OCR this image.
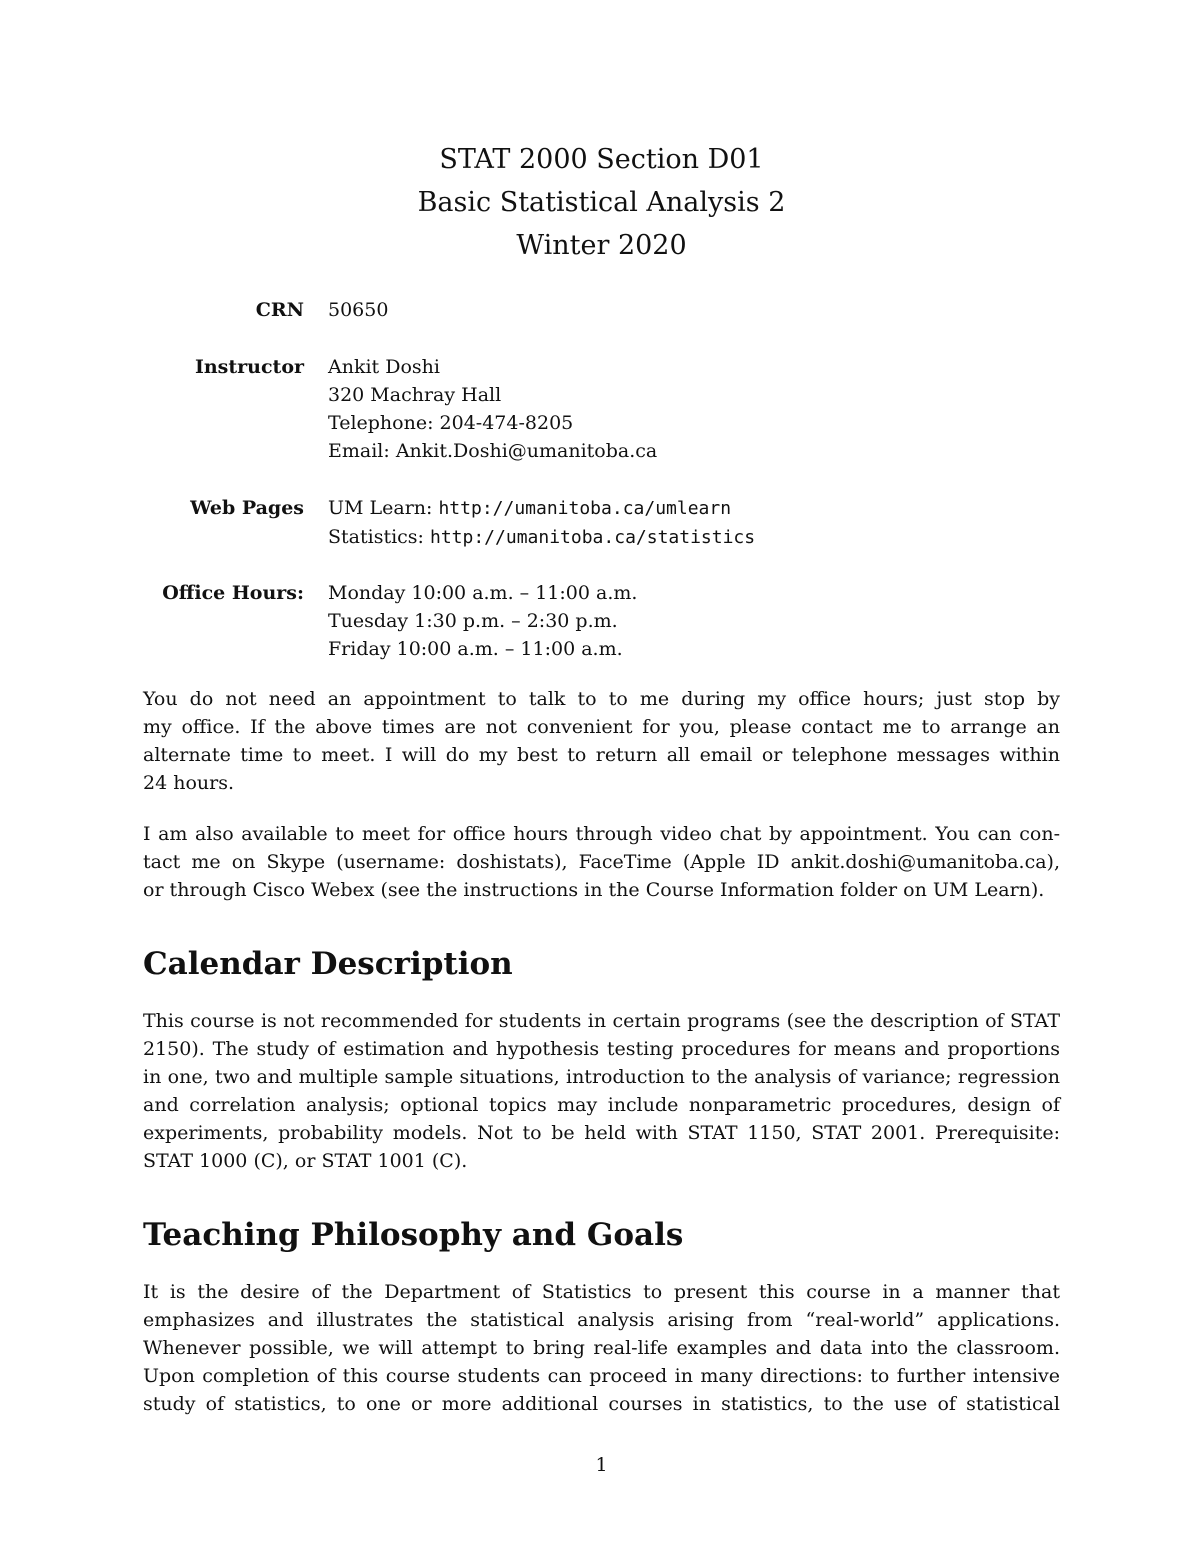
STAT 2000 Section D01
Basic Statistical Analysis 2
Winter 2020
CRN 50650
Instructor Ankit Doshi
320 Machray Hall
Telephone: 204-474-8205
Email: Ankit.Doshi@umanitoba.ca
Web Pages UM Learn: http://umanitoba.ca/umlearn
Statistics: http://umanitoba.ca/statistics
Office Hours: Monday 10:00 a.m. – 11:00 a.m.
Tuesday 1:30 p.m. – 2:30 p.m.
Friday 10:00 a.m. – 11:00 a.m.
You do not need an appointment to talk to to me during my office hours; just stop by
my office. If the above times are not convenient for you, please contact me to arrange an
alternate time to meet. I will do my best to return all email or telephone messages within
24 hours.
I am also available to meet for office hours through video chat by appointment. You can con-
tact me on Skype (username: doshistats), FaceTime (Apple ID ankit.doshi@umanitoba.ca),
or through Cisco Webex (see the instructions in the Course Information folder on UM Learn).
Calendar Description
This course is not recommended for students in certain programs (see the description of STAT
2150). The study of estimation and hypothesis testing procedures for means and proportions
in one, two and multiple sample situations, introduction to the analysis of variance; regression
and correlation analysis; optional topics may include nonparametric procedures, design of
experiments, probability models. Not to be held with STAT 1150, STAT 2001. Prerequisite:
STAT 1000 (C), or STAT 1001 (C).
Teaching Philosophy and Goals
It is the desire of the Department of Statistics to present this course in a manner that
emphasizes and illustrates the statistical analysis arising from “real-world” applications.
Whenever possible, we will attempt to bring real-life examples and data into the classroom.
Upon completion of this course students can proceed in many directions: to further intensive
study of statistics, to one or more additional courses in statistics, to the use of statistical
1
